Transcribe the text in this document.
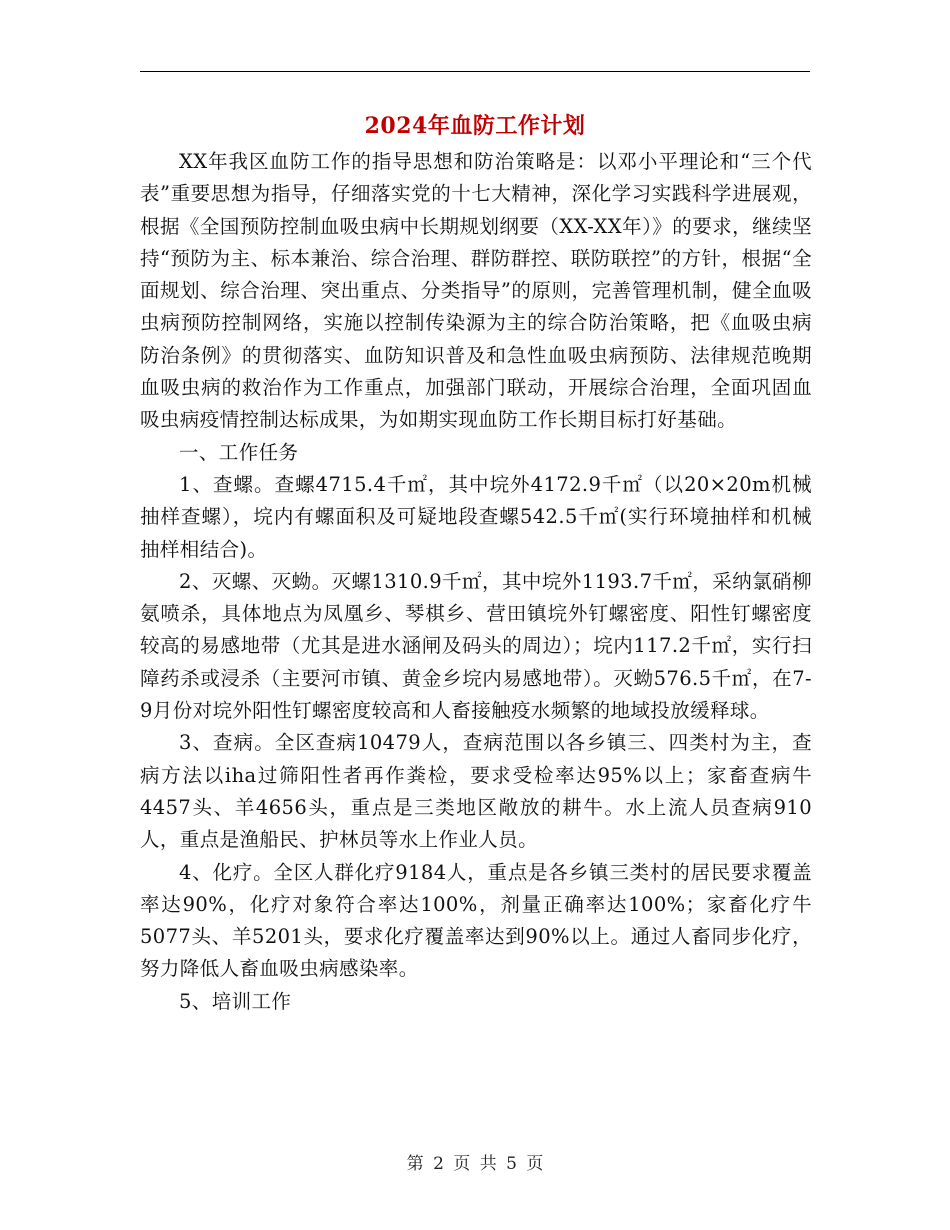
2024年血防工作计划

XX年我区血防工作的指导思想和防治策略是：以邓小平理论和“三个代表”重要思想为指导，仔细落实党的十七大精神，深化学习实践科学进展观，根据《全国预防控制血吸虫病中长期规划纲要（XX-XX年）》的要求，继续坚持“预防为主、标本兼治、综合治理、群防群控、联防联控”的方针，根据“全面规划、综合治理、突出重点、分类指导”的原则，完善管理机制，健全血吸虫病预防控制网络，实施以控制传染源为主的综合防治策略，把《血吸虫病防治条例》的贯彻落实、血防知识普及和急性血吸虫病预防、法律规范晚期血吸虫病的救治作为工作重点，加强部门联动，开展综合治理，全面巩固血吸虫病疫情控制达标成果，为如期实现血防工作长期目标打好基础。

一、工作任务

1、查螺。查螺4715.4千㎡，其中垸外4172.9千㎡（以20×20m机械抽样查螺），垸内有螺面积及可疑地段查螺542.5千㎡(实行环境抽样和机械抽样相结合)。

2、灭螺、灭蚴。灭螺1310.9千㎡，其中垸外1193.7千㎡，采纳氯硝柳氨喷杀，具体地点为凤凰乡、琴棋乡、营田镇垸外钉螺密度、阳性钉螺密度较高的易感地带（尤其是进水涵闸及码头的周边）；垸内117.2千㎡，实行扫障药杀或浸杀（主要河市镇、黄金乡垸内易感地带）。灭蚴576.5千㎡，在7-9月份对垸外阳性钉螺密度较高和人畜接触疫水频繁的地域投放缓释球。

3、查病。全区查病10479人，查病范围以各乡镇三、四类村为主，查病方法以iha过筛阳性者再作粪检，要求受检率达95%以上；家畜查病牛4457头、羊4656头，重点是三类地区敞放的耕牛。水上流人员查病910人，重点是渔船民、护林员等水上作业人员。

4、化疗。全区人群化疗9184人，重点是各乡镇三类村的居民要求覆盖率达90%，化疗对象符合率达100%，剂量正确率达100%；家畜化疗牛5077头、羊5201头，要求化疗覆盖率达到90%以上。通过人畜同步化疗，努力降低人畜血吸虫病感染率。

5、培训工作

第 2 页 共 5 页
